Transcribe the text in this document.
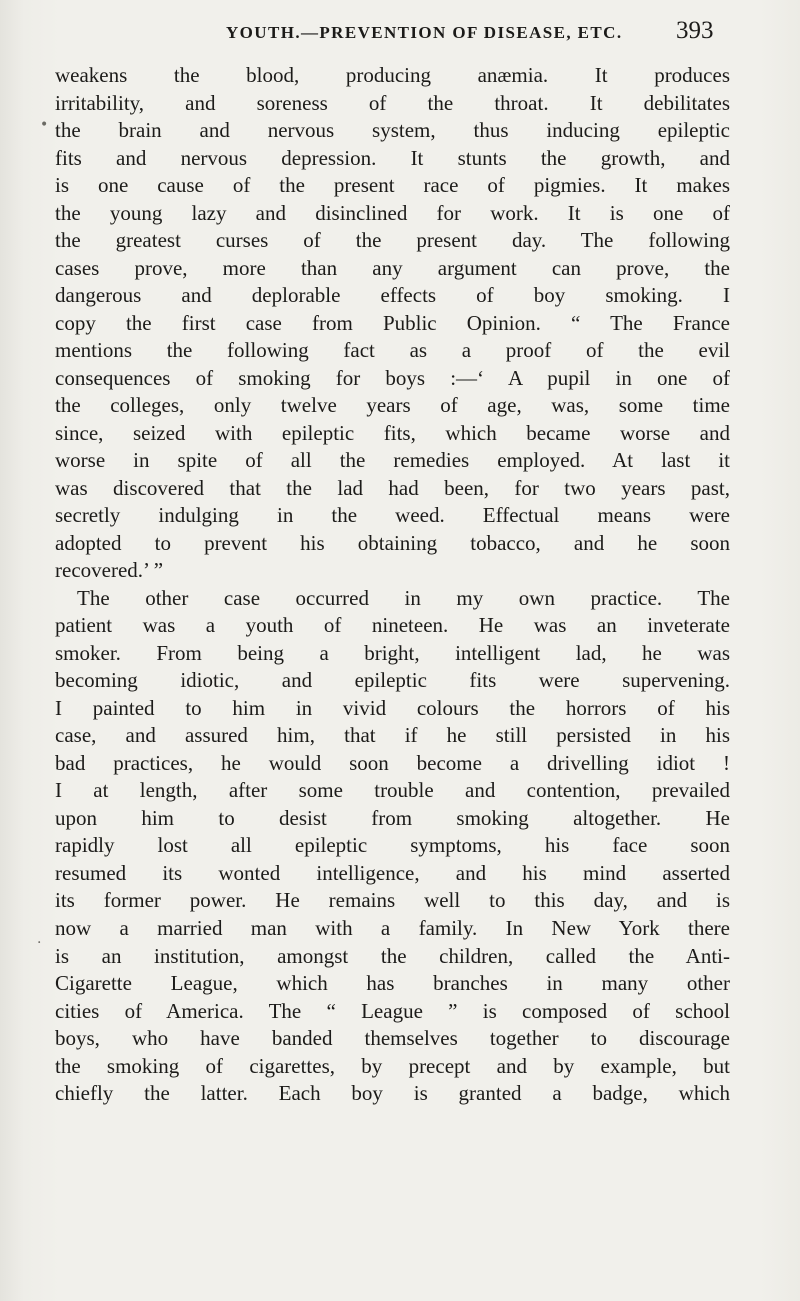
YOUTH.—PREVENTION OF DISEASE, ETC. 393
•
·
weakens the blood, producing anæmia. It produces
irritability, and soreness of the throat. It debilitates
the brain and nervous system, thus inducing epileptic
fits and nervous depression. It stunts the growth, and
is one cause of the present race of pigmies. It makes
the young lazy and disinclined for work. It is one of
the greatest curses of the present day. The following
cases prove, more than any argument can prove, the
dangerous and deplorable effects of boy smoking. I
copy the first case from Public Opinion. “ The France
mentions the following fact as a proof of the evil
consequences of smoking for boys :—‘ A pupil in one of
the colleges, only twelve years of age, was, some time
since, seized with epileptic fits, which became worse and
worse in spite of all the remedies employed. At last it
was discovered that the lad had been, for two years past,
secretly indulging in the weed. Effectual means were
adopted to prevent his obtaining tobacco, and he soon
recovered.’ ”
The other case occurred in my own practice. The
patient was a youth of nineteen. He was an inveterate
smoker. From being a bright, intelligent lad, he was
becoming idiotic, and epileptic fits were supervening.
I painted to him in vivid colours the horrors of his
case, and assured him, that if he still persisted in his
bad practices, he would soon become a drivelling idiot !
I at length, after some trouble and contention, prevailed
upon him to desist from smoking altogether. He
rapidly lost all epileptic symptoms, his face soon
resumed its wonted intelligence, and his mind asserted
its former power. He remains well to this day, and is
now a married man with a family. In New York there
is an institution, amongst the children, called the Anti-
Cigarette League, which has branches in many other
cities of America. The “ League ” is composed of school
boys, who have banded themselves together to discourage
the smoking of cigarettes, by precept and by example, but
chiefly the latter. Each boy is granted a badge, which
